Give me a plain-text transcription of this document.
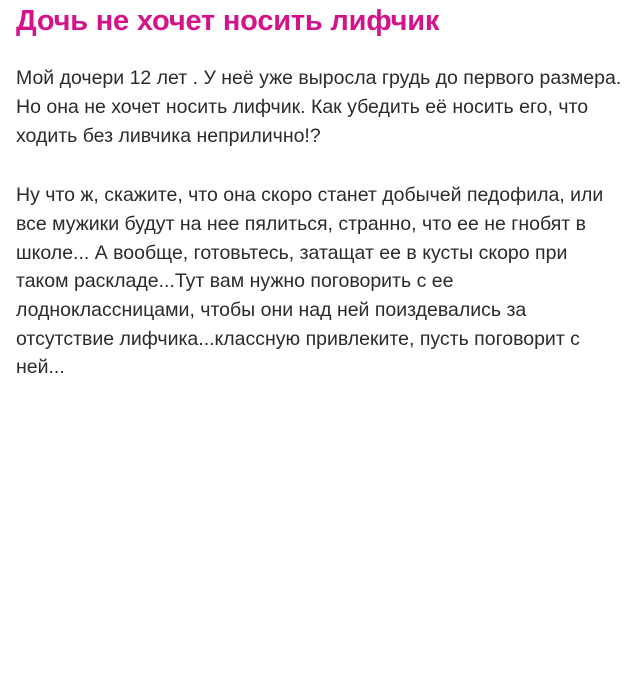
Дочь не хочет носить лифчик

Мой дочери 12 лет . У неё уже выросла грудь до первого размера. Но она не хочет носить лифчик. Как убедить её носить его, что ходить без ливчика неприлично!?

Ну что ж, скажите, что она скоро станет добычей педофила, или все мужики будут на нее пялиться, странно, что ее не гнобят в школе... А вообще, готовьтесь, затащат ее в кусты скоро при таком раскладе...Тут вам нужно поговорить с ее лодноклассницами, чтобы они над ней поиздевались за отсутствие лифчика...классную привлеките, пусть поговорит с ней...
